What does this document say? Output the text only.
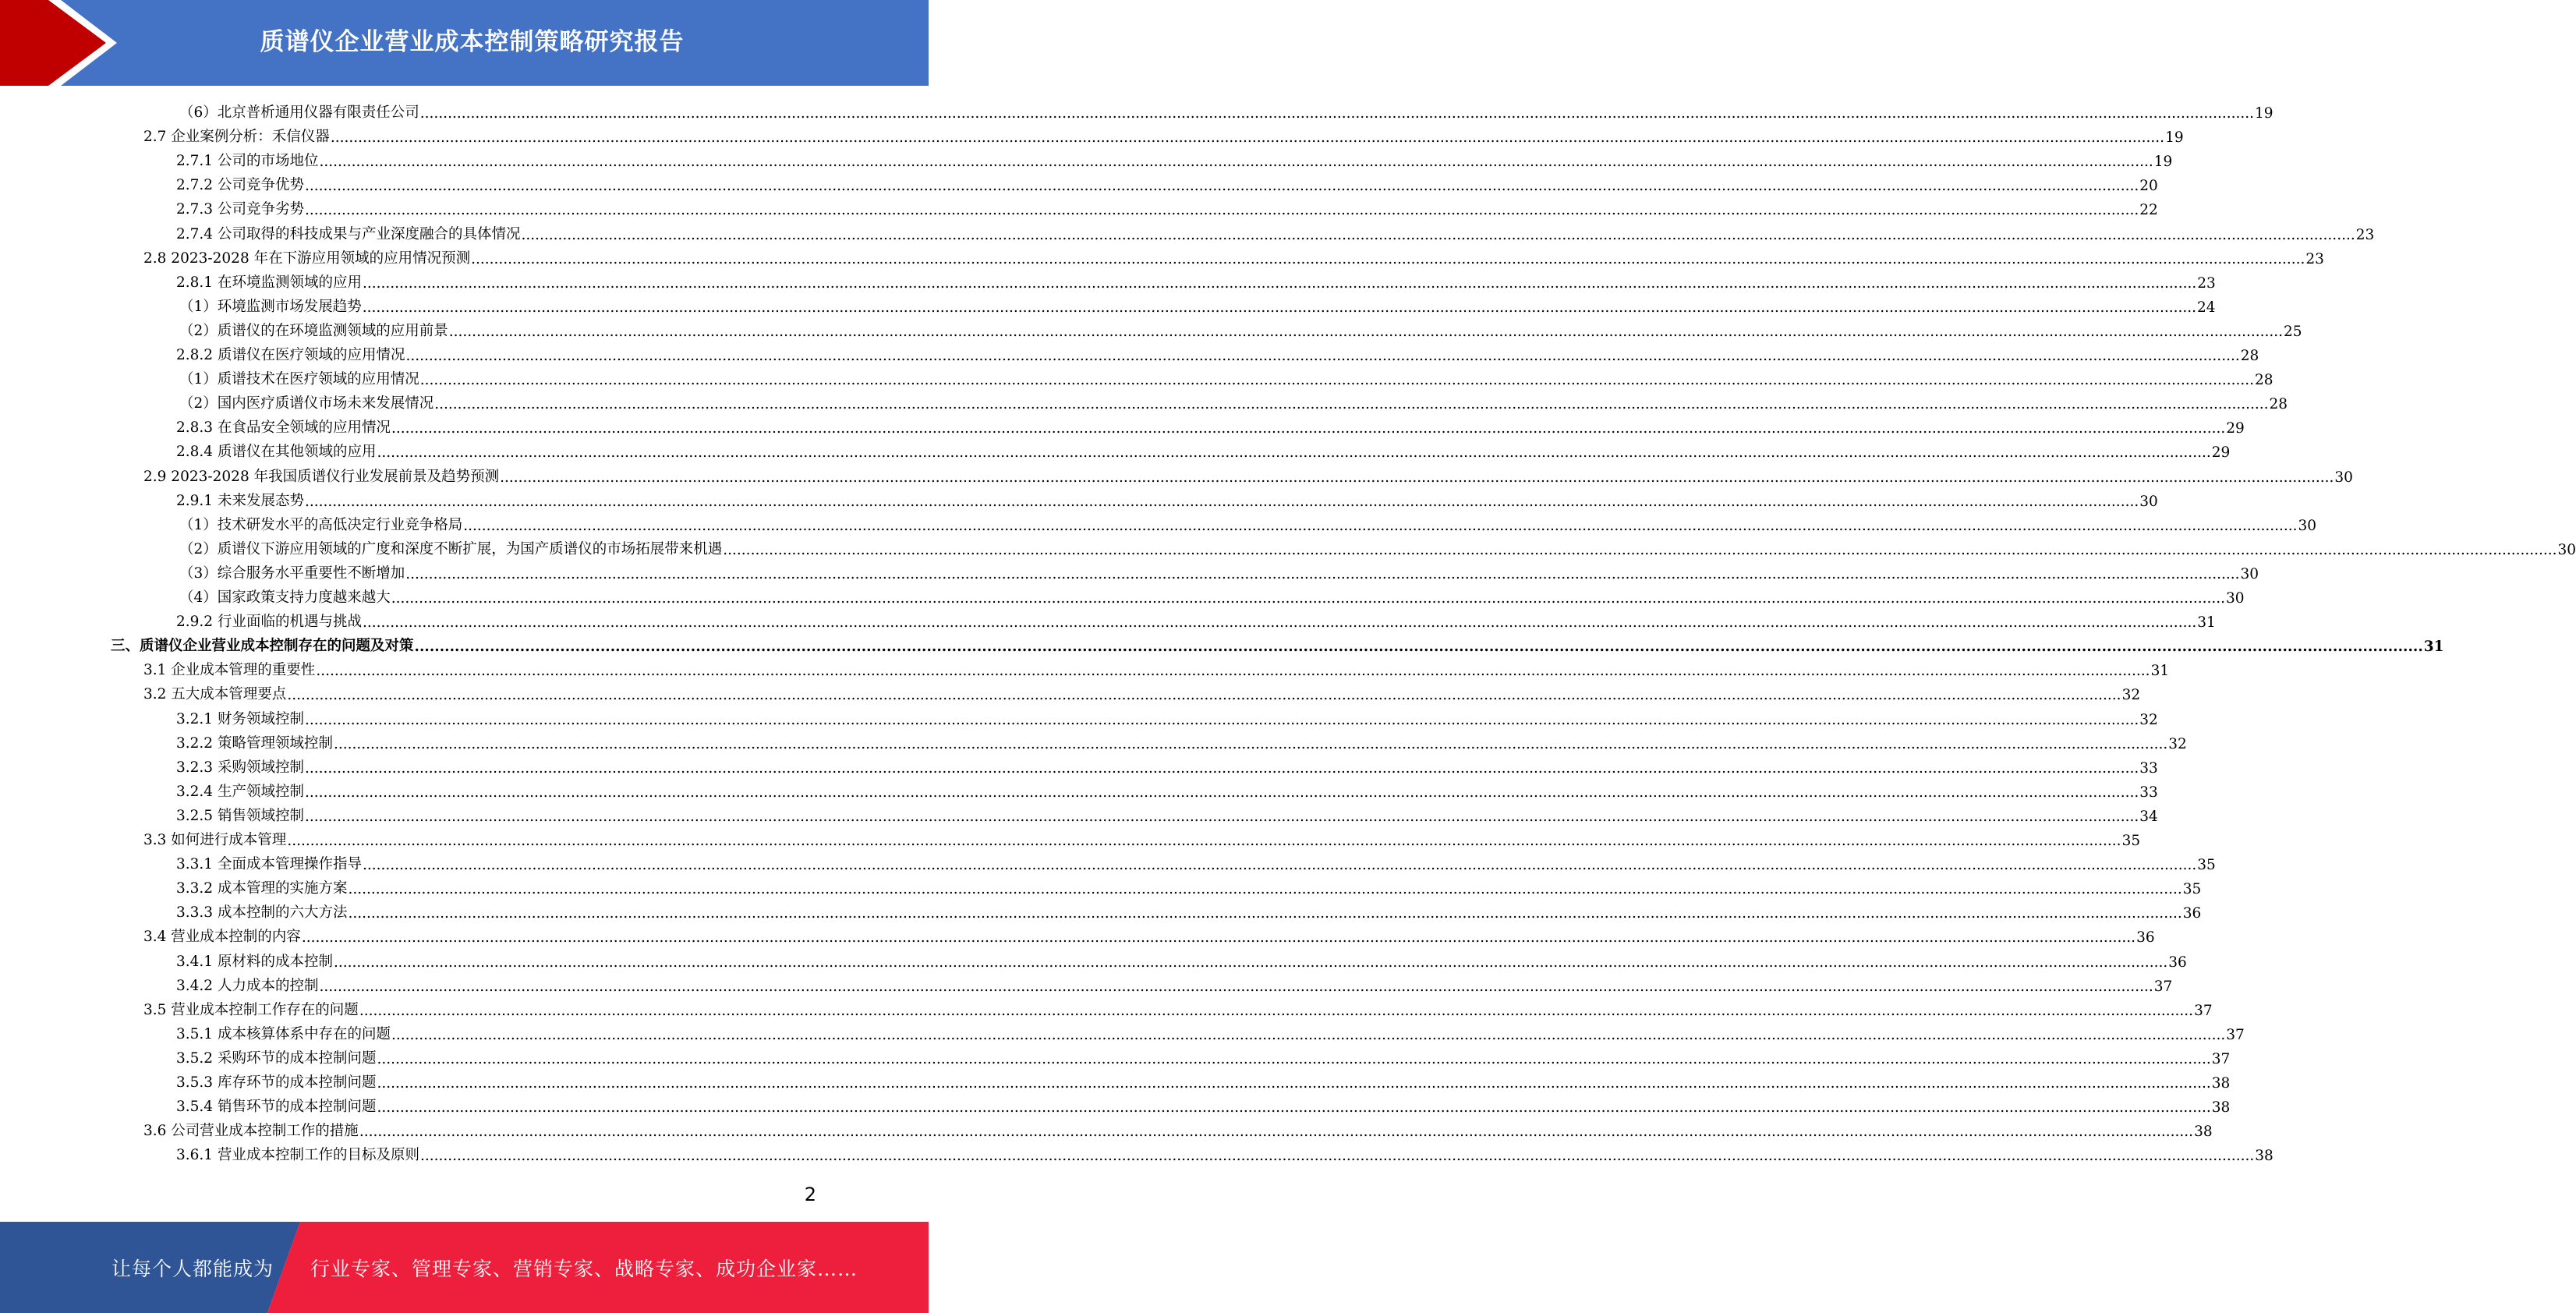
质谱仪企业营业成本控制策略研究报告
（6）北京普析通用仪器有限责任公司 ................................................................................................................................................................................................................................................................................................................................................................................................................ 19
2.7 企业案例分析：禾信仪器 ................................................................................................................................................................................................................................................................................................................................................................................................................ 19
2.7.1 公司的市场地位 ................................................................................................................................................................................................................................................................................................................................................................................................................ 19
2.7.2 公司竞争优势 ................................................................................................................................................................................................................................................................................................................................................................................................................ 20
2.7.3 公司竞争劣势 ................................................................................................................................................................................................................................................................................................................................................................................................................ 22
2.7.4 公司取得的科技成果与产业深度融合的具体情况 ................................................................................................................................................................................................................................................................................................................................................................................................................ 23
2.8 2023-2028 年在下游应用领域的应用情况预测 ................................................................................................................................................................................................................................................................................................................................................................................................................ 23
2.8.1 在环境监测领域的应用 ................................................................................................................................................................................................................................................................................................................................................................................................................ 23
（1）环境监测市场发展趋势 ................................................................................................................................................................................................................................................................................................................................................................................................................ 24
（2）质谱仪的在环境监测领域的应用前景 ................................................................................................................................................................................................................................................................................................................................................................................................................ 25
2.8.2 质谱仪在医疗领域的应用情况 ................................................................................................................................................................................................................................................................................................................................................................................................................ 28
（1）质谱技术在医疗领域的应用情况 ................................................................................................................................................................................................................................................................................................................................................................................................................ 28
（2）国内医疗质谱仪市场未来发展情况 ................................................................................................................................................................................................................................................................................................................................................................................................................ 28
2.8.3 在食品安全领域的应用情况 ................................................................................................................................................................................................................................................................................................................................................................................................................ 29
2.8.4 质谱仪在其他领域的应用 ................................................................................................................................................................................................................................................................................................................................................................................................................ 29
2.9 2023-2028 年我国质谱仪行业发展前景及趋势预测 ................................................................................................................................................................................................................................................................................................................................................................................................................ 30
2.9.1 未来发展态势 ................................................................................................................................................................................................................................................................................................................................................................................................................ 30
（1）技术研发水平的高低决定行业竞争格局 ................................................................................................................................................................................................................................................................................................................................................................................................................ 30
（2）质谱仪下游应用领域的广度和深度不断扩展，为国产质谱仪的市场拓展带来机遇 ................................................................................................................................................................................................................................................................................................................................................................................................................ 30
（3）综合服务水平重要性不断增加 ................................................................................................................................................................................................................................................................................................................................................................................................................ 30
（4）国家政策支持力度越来越大 ................................................................................................................................................................................................................................................................................................................................................................................................................ 30
2.9.2 行业面临的机遇与挑战 ................................................................................................................................................................................................................................................................................................................................................................................................................ 31
三、质谱仪企业营业成本控制存在的问题及对策 ................................................................................................................................................................................................................................................................................................................................................................................................................ 31
3.1 企业成本管理的重要性 ................................................................................................................................................................................................................................................................................................................................................................................................................ 31
3.2 五大成本管理要点 ................................................................................................................................................................................................................................................................................................................................................................................................................ 32
3.2.1 财务领域控制 ................................................................................................................................................................................................................................................................................................................................................................................................................ 32
3.2.2 策略管理领域控制 ................................................................................................................................................................................................................................................................................................................................................................................................................ 32
3.2.3 采购领域控制 ................................................................................................................................................................................................................................................................................................................................................................................................................ 33
3.2.4 生产领域控制 ................................................................................................................................................................................................................................................................................................................................................................................................................ 33
3.2.5 销售领域控制 ................................................................................................................................................................................................................................................................................................................................................................................................................ 34
3.3 如何进行成本管理 ................................................................................................................................................................................................................................................................................................................................................................................................................ 35
3.3.1 全面成本管理操作指导 ................................................................................................................................................................................................................................................................................................................................................................................................................ 35
3.3.2 成本管理的实施方案 ................................................................................................................................................................................................................................................................................................................................................................................................................ 35
3.3.3 成本控制的六大方法 ................................................................................................................................................................................................................................................................................................................................................................................................................ 36
3.4 营业成本控制的内容 ................................................................................................................................................................................................................................................................................................................................................................................................................ 36
3.4.1 原材料的成本控制 ................................................................................................................................................................................................................................................................................................................................................................................................................ 36
3.4.2 人力成本的控制 ................................................................................................................................................................................................................................................................................................................................................................................................................ 37
3.5 营业成本控制工作存在的问题 ................................................................................................................................................................................................................................................................................................................................................................................................................ 37
3.5.1 成本核算体系中存在的问题 ................................................................................................................................................................................................................................................................................................................................................................................................................ 37
3.5.2 采购环节的成本控制问题 ................................................................................................................................................................................................................................................................................................................................................................................................................ 37
3.5.3 库存环节的成本控制问题 ................................................................................................................................................................................................................................................................................................................................................................................................................ 38
3.5.4 销售环节的成本控制问题 ................................................................................................................................................................................................................................................................................................................................................................................................................ 38
3.6 公司营业成本控制工作的措施 ................................................................................................................................................................................................................................................................................................................................................................................................................ 38
3.6.1 营业成本控制工作的目标及原则 ................................................................................................................................................................................................................................................................................................................................................................................................................ 38
2
让每个人都能成为 行业专家、管理专家、营销专家、战略专家、成功企业家……
